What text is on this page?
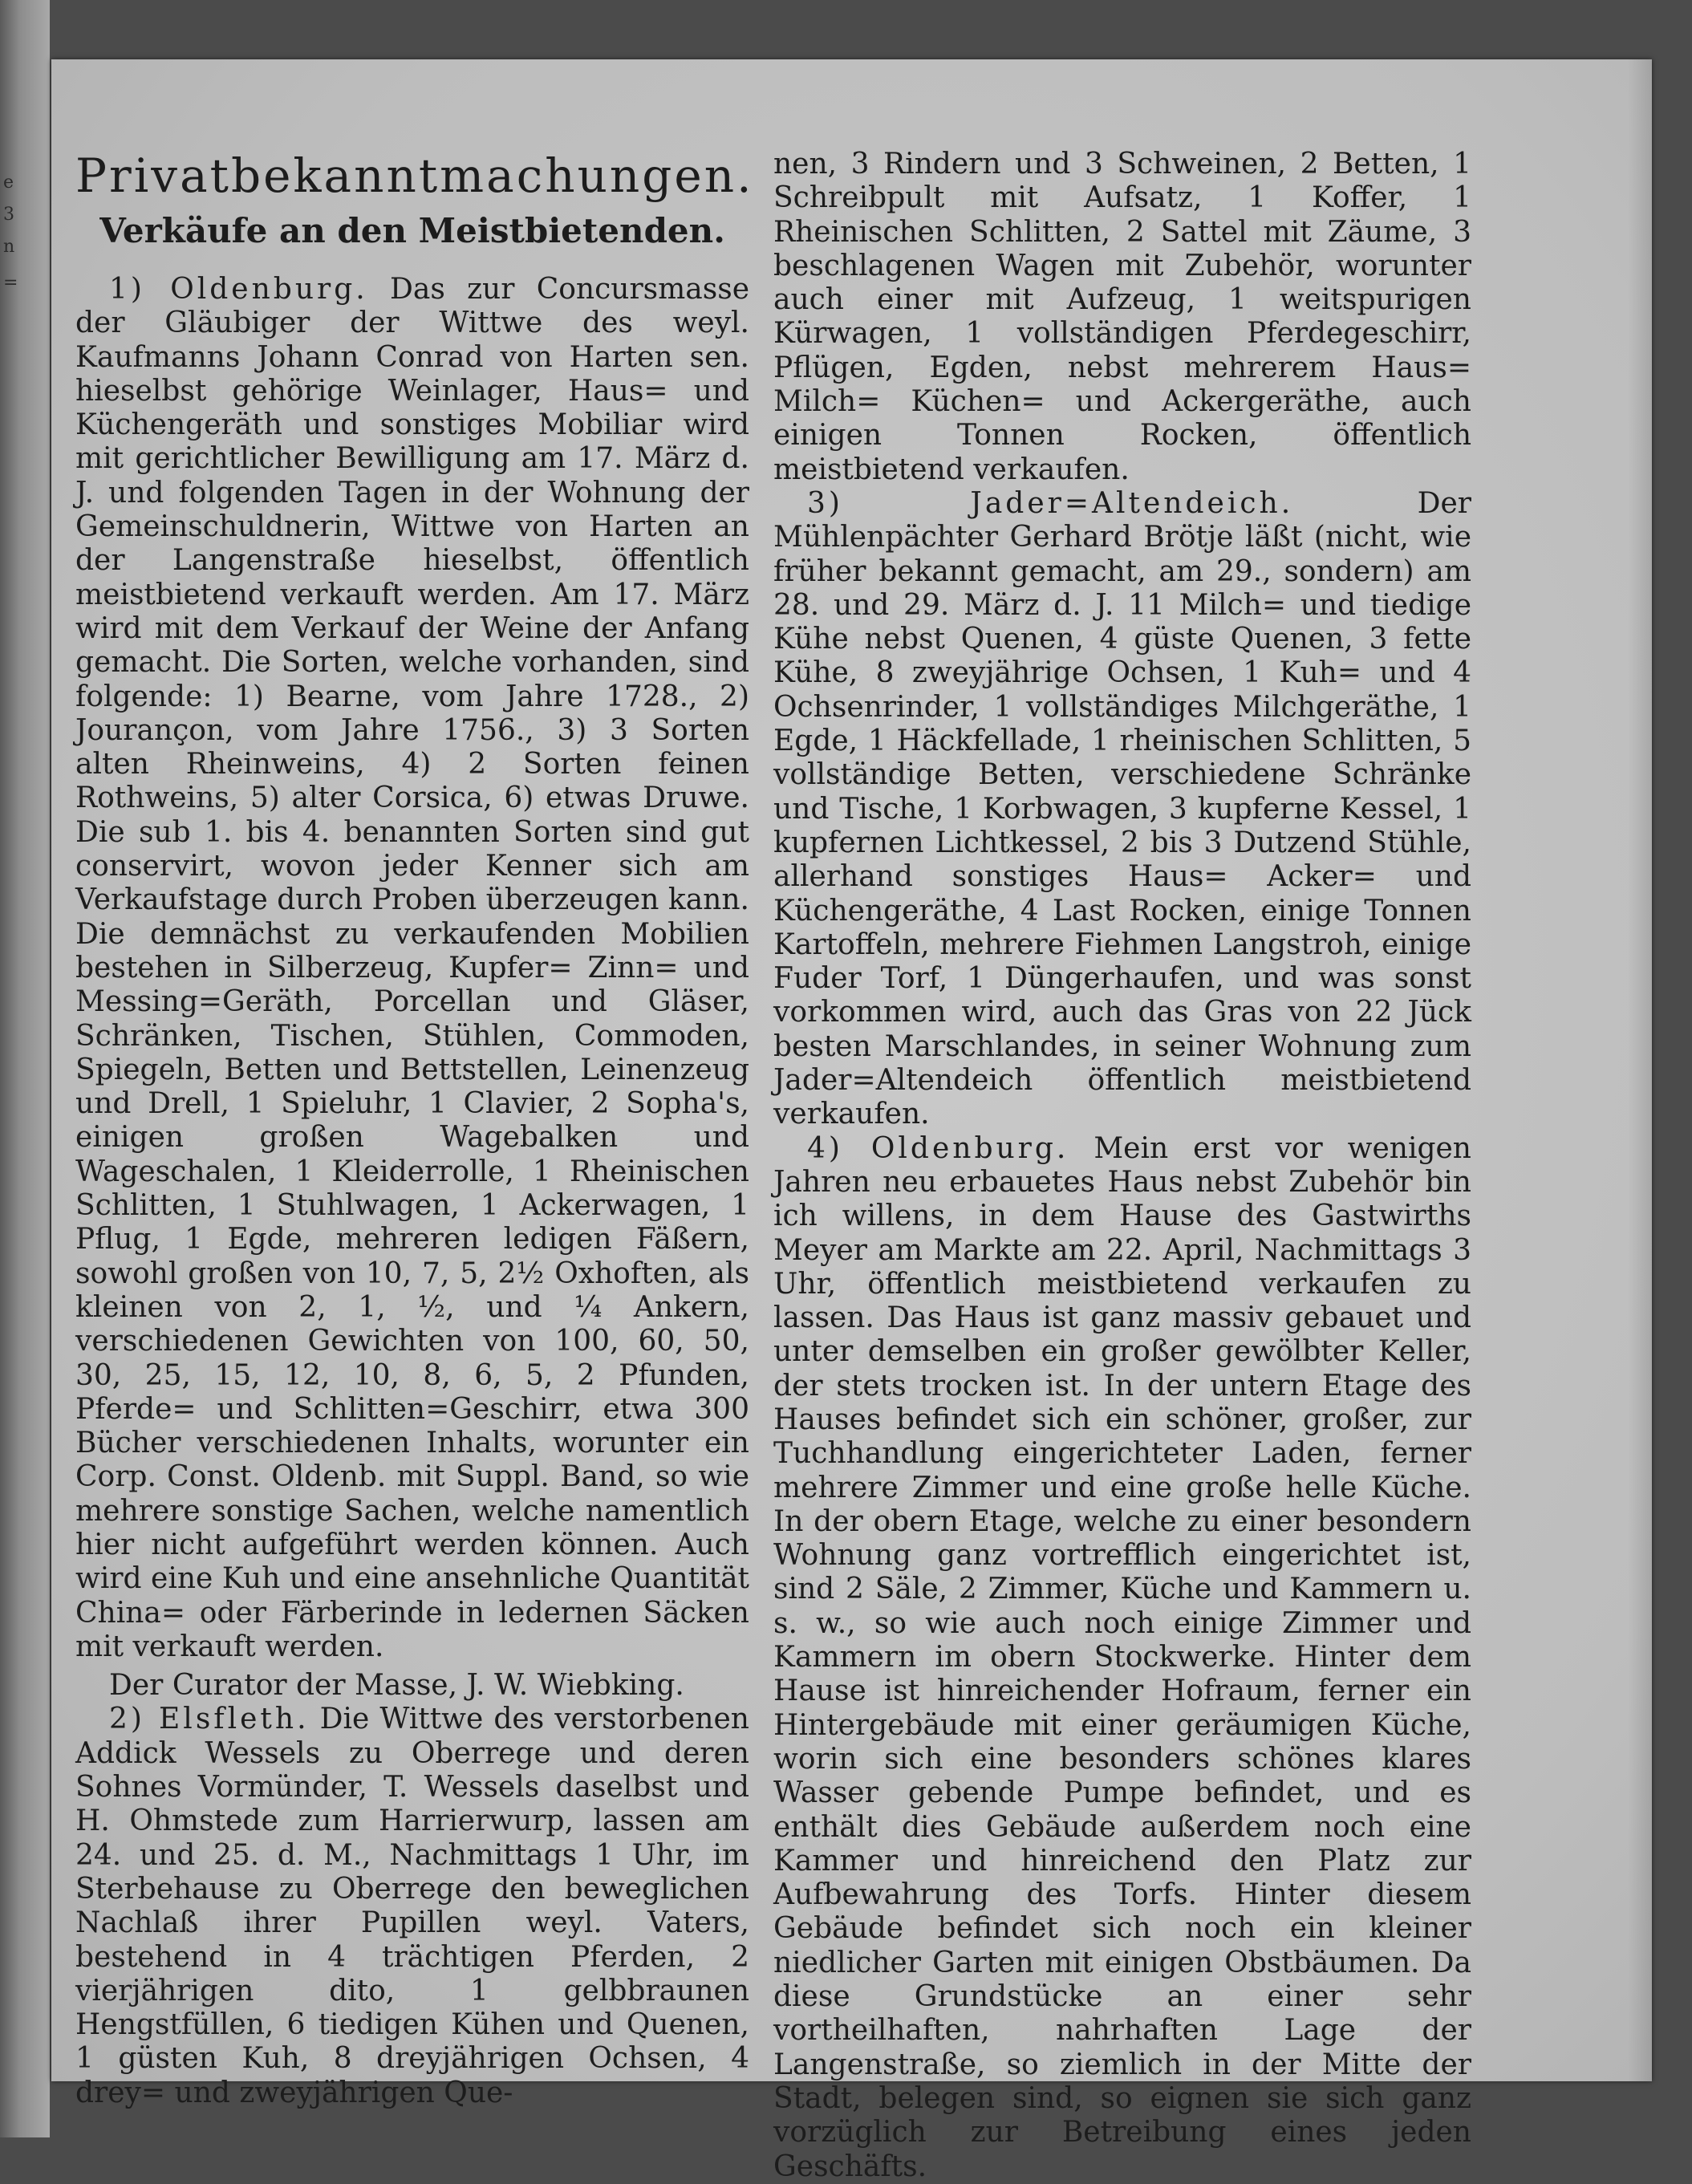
e
3
n
=
Privatbekanntmachungen.
Verkäufe an den Meistbietenden.

1) Oldenburg. Das zur Concursmasse der Gläubiger der Wittwe des weyl. Kaufmanns Johann Conrad von Harten sen. hieselbst gehörige Weinlager, Haus= und Küchengeräth und sonstiges Mobiliar wird mit gerichtlicher Bewilligung am 17. März d. J. und folgenden Tagen in der Wohnung der Gemeinschuldnerin, Wittwe von Harten an der Langenstraße hieselbst, öffentlich meistbietend verkauft werden. Am 17. März wird mit dem Verkauf der Weine der Anfang gemacht. Die Sorten, welche vorhanden, sind folgende: 1) Bearne, vom Jahre 1728., 2) Jourançon, vom Jahre 1756., 3) 3 Sorten alten Rheinweins, 4) 2 Sorten feinen Rothweins, 5) alter Corsica, 6) etwas Druwe. Die sub 1. bis 4. benannten Sorten sind gut conservirt, wovon jeder Kenner sich am Verkaufstage durch Proben überzeugen kann. Die demnächst zu verkaufenden Mobilien bestehen in Silberzeug, Kupfer= Zinn= und Messing=Geräth, Porcellan und Gläser, Schränken, Tischen, Stühlen, Commoden, Spiegeln, Betten und Bettstellen, Leinenzeug und Drell, 1 Spieluhr, 1 Clavier, 2 Sopha's, einigen großen Wagebalken und Wageschalen, 1 Kleiderrolle, 1 Rheinischen Schlitten, 1 Stuhlwagen, 1 Ackerwagen, 1 Pflug, 1 Egde, mehreren ledigen Fäßern, sowohl großen von 10, 7, 5, 2½ Oxhoften, als kleinen von 2, 1, ½, und ¼ Ankern, verschiedenen Gewichten von 100, 60, 50, 30, 25, 15, 12, 10, 8, 6, 5, 2 Pfunden, Pferde= und Schlitten=Geschirr, etwa 300 Bücher verschiedenen Inhalts, worunter ein Corp. Const. Oldenb. mit Suppl. Band, so wie mehrere sonstige Sachen, welche namentlich hier nicht aufgeführt werden können. Auch wird eine Kuh und eine ansehnliche Quantität China= oder Färberinde in ledernen Säcken mit verkauft werden.

Der Curator der Masse, J. W. Wiebking.

2) Elsfleth. Die Wittwe des verstorbenen Addick Wessels zu Oberrege und deren Sohnes Vormünder, T. Wessels daselbst und H. Ohmstede zum Harrierwurp, lassen am 24. und 25. d. M., Nachmittags 1 Uhr, im Sterbehause zu Oberrege den beweglichen Nachlaß ihrer Pupillen weyl. Vaters, bestehend in 4 trächtigen Pferden, 2 vierjährigen dito, 1 gelbbraunen Hengstfüllen, 6 tiedigen Kühen und Quenen, 1 güsten Kuh, 8 dreyjährigen Ochsen, 4 drey= und zweyjährigen Que-

nen, 3 Rindern und 3 Schweinen, 2 Betten, 1 Schreibpult mit Aufsatz, 1 Koffer, 1 Rheinischen Schlitten, 2 Sattel mit Zäume, 3 beschlagenen Wagen mit Zubehör, worunter auch einer mit Aufzeug, 1 weitspurigen Kürwagen, 1 vollständigen Pferdegeschirr, Pflügen, Egden, nebst mehrerem Haus= Milch= Küchen= und Ackergeräthe, auch einigen Tonnen Rocken, öffentlich meistbietend verkaufen.

3) Jader=Altendeich.	Der Mühlenpächter Gerhard Brötje läßt (nicht, wie früher bekannt gemacht, am 29., sondern) am 28. und 29. März d. J. 11 Milch= und tiedige Kühe nebst Quenen, 4 güste Quenen, 3 fette Kühe, 8 zweyjährige Ochsen, 1 Kuh= und 4 Ochsenrinder, 1 vollständiges Milchgeräthe, 1 Egde, 1 Häckfellade, 1 rheinischen Schlitten, 5 vollständige Betten, verschiedene Schränke und Tische, 1 Korbwagen, 3 kupferne Kessel, 1 kupfernen Lichtkessel, 2 bis 3 Dutzend Stühle, allerhand sonstiges Haus= Acker= und Küchengeräthe, 4 Last Rocken, einige Tonnen Kartoffeln, mehrere Fiehmen Langstroh, einige Fuder Torf, 1 Düngerhaufen, und was sonst vorkommen wird, auch das Gras von 22 Jück besten Marschlandes, in seiner Wohnung zum Jader=Altendeich öffentlich meistbietend verkaufen.

4) Oldenburg. Mein erst vor wenigen Jahren neu erbauetes Haus nebst Zubehör bin ich willens, in dem Hause des Gastwirths Meyer am Markte am 22. April, Nachmittags 3 Uhr, öffentlich meistbietend verkaufen zu lassen. Das Haus ist ganz massiv gebauet und unter demselben ein großer gewölbter Keller, der stets trocken ist. In der untern Etage des Hauses befindet sich ein schöner, großer, zur Tuchhandlung eingerichteter Laden, ferner mehrere Zimmer und eine große helle Küche. In der obern Etage, welche zu einer besondern Wohnung ganz vortrefflich eingerichtet ist, sind 2 Säle, 2 Zimmer, Küche und Kammern u. s. w., so wie auch noch einige Zimmer und Kammern im obern Stockwerke. Hinter dem Hause ist hinreichender Hofraum, ferner ein Hintergebäude mit einer geräumigen Küche, worin sich eine besonders schönes klares Wasser gebende Pumpe befindet, und es enthält dies Gebäude außerdem noch eine Kammer und hinreichend den Platz zur Aufbewahrung des Torfs. Hinter diesem Gebäude befindet sich noch ein kleiner niedlicher Garten mit einigen Obstbäumen. Da diese Grundstücke an einer sehr vortheilhaften, nahrhaften Lage der Langenstraße, so ziemlich in der Mitte der Stadt, belegen sind, so eignen sie sich ganz vorzüglich zur Betreibung eines jeden Geschäfts.
